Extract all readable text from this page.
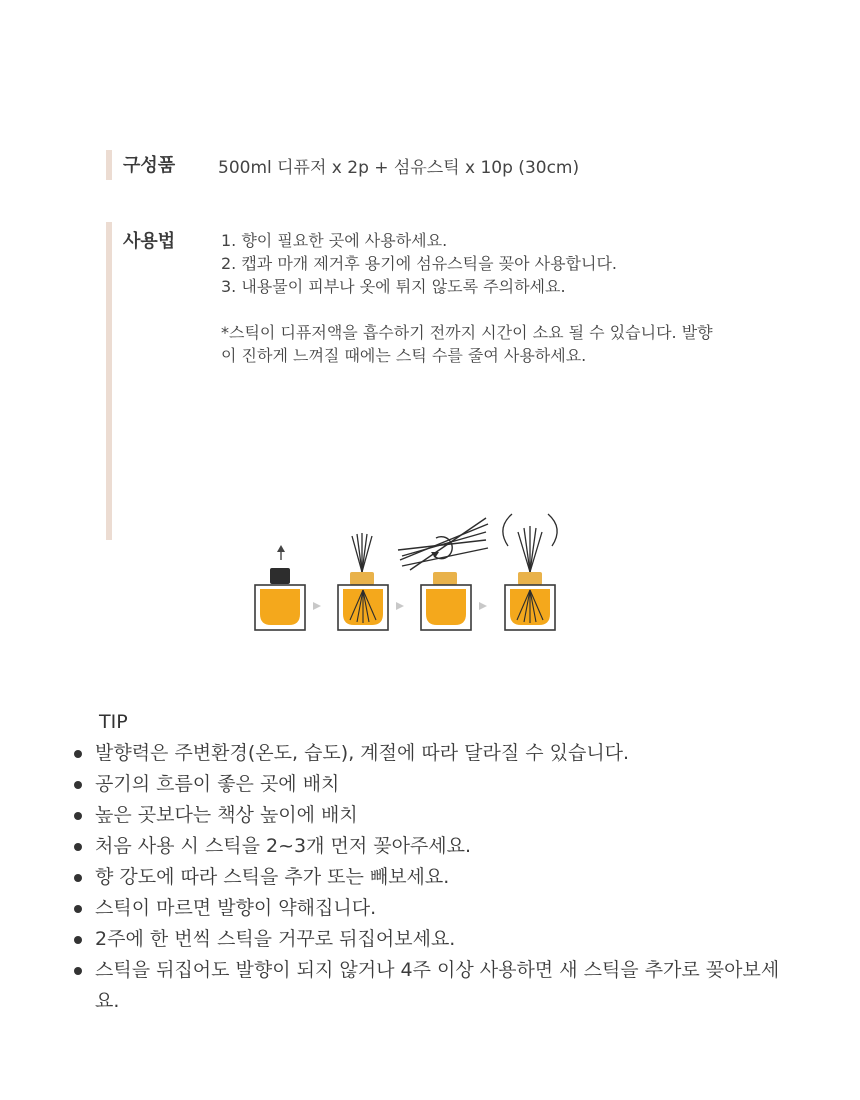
구성품	500ml 디퓨저 x 2p + 섬유스틱 x 10p (30cm)
사용법	1. 향이 필요한 곳에 사용하세요.
2. 캡과 마개 제거후 용기에 섬유스틱을 꽂아 사용합니다.
3. 내용물이 피부나 옷에 튀지 않도록 주의하세요.
*스틱이 디퓨저액을 흡수하기 전까지 시간이 소요 될 수 있습니다. 발향이 진하게 느껴질 때에는 스틱 수를 줄여 사용하세요.
TIP
발향력은 주변환경(온도, 습도), 계절에 따라 달라질 수 있습니다.
공기의 흐름이 좋은 곳에 배치
높은 곳보다는 책상 높이에 배치
처음 사용 시 스틱을 2~3개 먼저 꽂아주세요.
향 강도에 따라 스틱을 추가 또는 빼보세요.
스틱이 마르면 발향이 약해집니다.
2주에 한 번씩 스틱을 거꾸로 뒤집어보세요.
스틱을 뒤집어도 발향이 되지 않거나 4주 이상 사용하면 새 스틱을 추가로 꽂아보세요.
